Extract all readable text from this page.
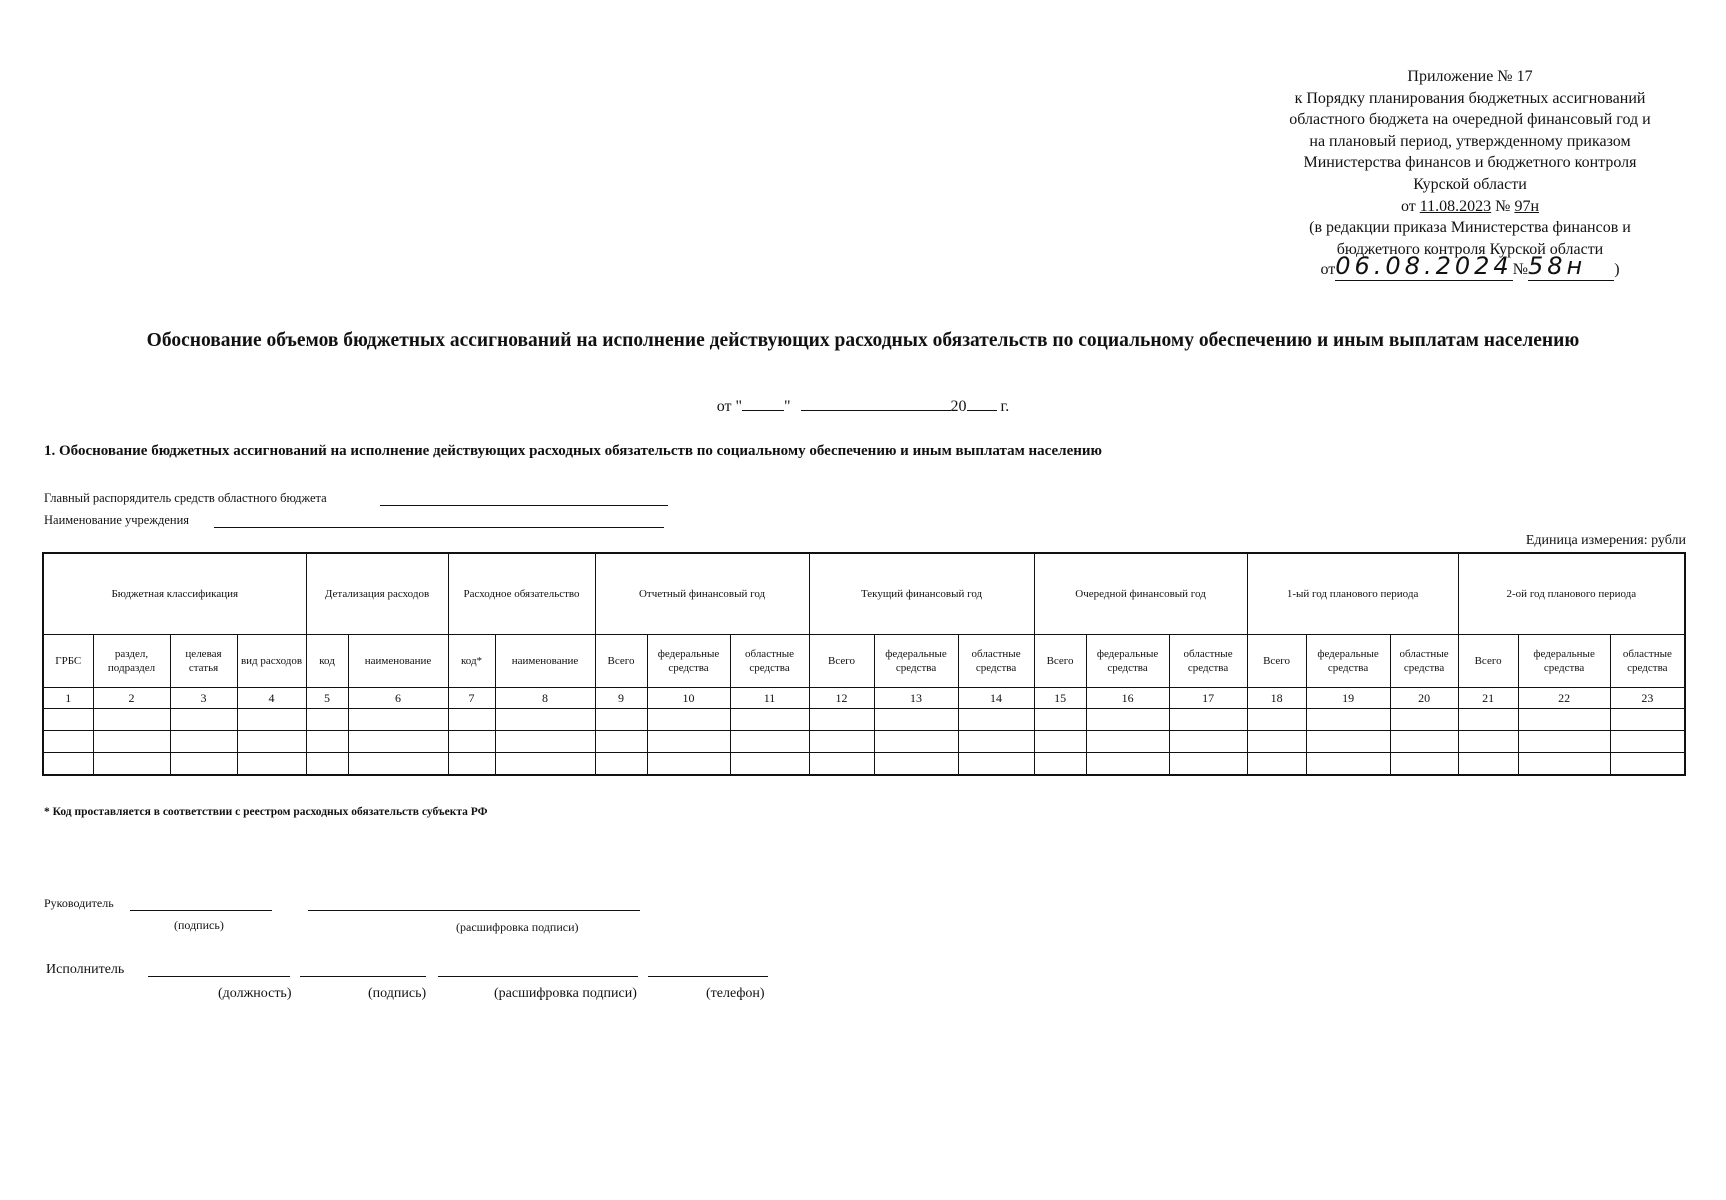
Приложение № 17
к Порядку планирования бюджетных ассигнований
областного бюджета на очередной финансовый год и
на плановый период, утвержденному приказом
Министерства финансов и бюджетного контроля
Курской области
от 11.08.2023 № 97н
(в редакции приказа Министерства финансов и
бюджетного контроля Курской области
от06.08.2024№58н )
Обоснование объемов бюджетных ассигнований на исполнение действующих расходных обязательств по социальному обеспечению и иным выплатам населению
от "	"	20 г.
1. Обоснование бюджетных ассигнований на исполнение действующих расходных обязательств по социальному обеспечению и иным выплатам населению
Главный распорядитель средств областного бюджета
Наименование учреждения
Единица измерения: рубли
Бюджетная классификация				Детализация расходов		Расходное обязательство		Отчетный финансовый год			Текущий финансовый год			Очередной финансовый год			1-ый год планового периода			2-ой год планового периода		
ГРБС	раздел, подраздел	целевая статья	вид расходов	код	наименование	код*	наименование	Всего	федеральные средства	областные средства	Всего	федеральные средства	областные средства	Всего	федеральные средства	областные средства	Всего	федеральные средства	областные средства	Всего	федеральные средства	областные средства
1	2	3	4	5	6	7	8	9	10	11	12	13	14	15	16	17	18	19	20	21	22	23

* Код проставляется в соответствии с реестром расходных обязательств субъекта РФ
Руководитель
(подпись)	(расшифровка подписи)
Исполнитель
(должность)	(подпись)	(расшифровка подписи)	(телефон)
